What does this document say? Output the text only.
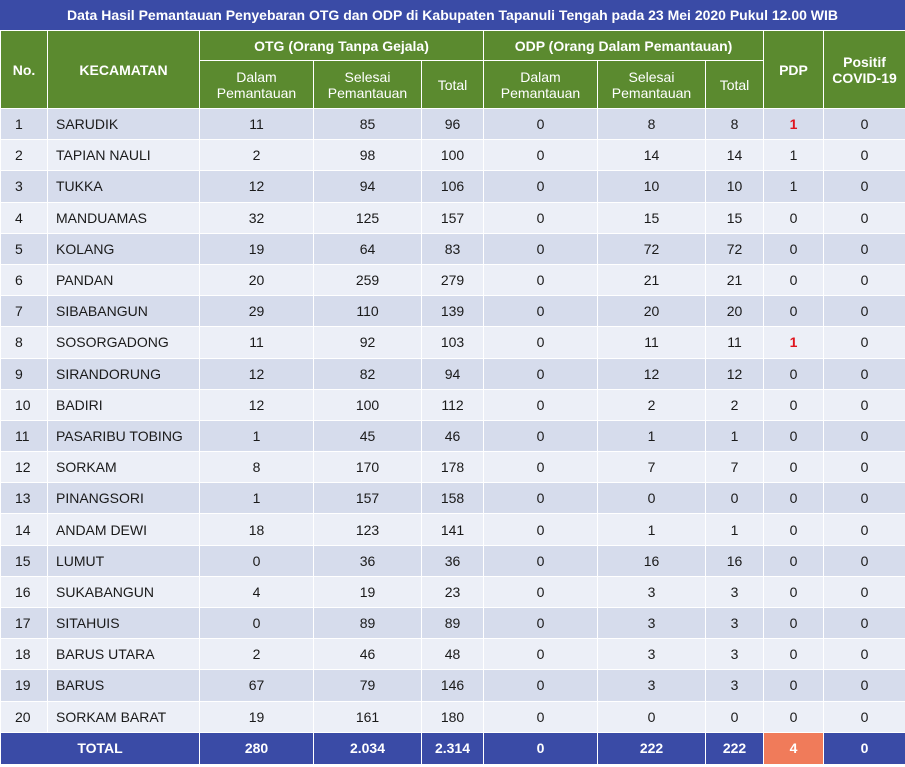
Data Hasil Pemantauan Penyebaran OTG dan ODP di Kabupaten Tapanuli Tengah pada 23 Mei 2020 Pukul 12.00 WIB
No.	KECAMATAN	OTG (Orang Tanpa Gejala)			ODP (Orang Dalam Pemantauan)			PDP	Positif COVID-19
		Dalam Pemantauan	Selesai Pemantauan	Total	Dalam Pemantauan	Selesai Pemantauan	Total		
1	SARUDIK	11	85	96	0	8	8	1	0
2	TAPIAN NAULI	2	98	100	0	14	14	1	0
3	TUKKA	12	94	106	0	10	10	1	0
4	MANDUAMAS	32	125	157	0	15	15	0	0
5	KOLANG	19	64	83	0	72	72	0	0
6	PANDAN	20	259	279	0	21	21	0	0
7	SIBABANGUN	29	110	139	0	20	20	0	0
8	SOSORGADONG	11	92	103	0	11	11	1	0
9	SIRANDORUNG	12	82	94	0	12	12	0	0
10	BADIRI	12	100	112	0	2	2	0	0
11	PASARIBU TOBING	1	45	46	0	1	1	0	0
12	SORKAM	8	170	178	0	7	7	0	0
13	PINANGSORI	1	157	158	0	0	0	0	0
14	ANDAM DEWI	18	123	141	0	1	1	0	0
15	LUMUT	0	36	36	0	16	16	0	0
16	SUKABANGUN	4	19	23	0	3	3	0	0
17	SITAHUIS	0	89	89	0	3	3	0	0
18	BARUS UTARA	2	46	48	0	3	3	0	0
19	BARUS	67	79	146	0	3	3	0	0
20	SORKAM BARAT	19	161	180	0	0	0	0	0
TOTAL		280	2.034	2.314	0	222	222	4	0
